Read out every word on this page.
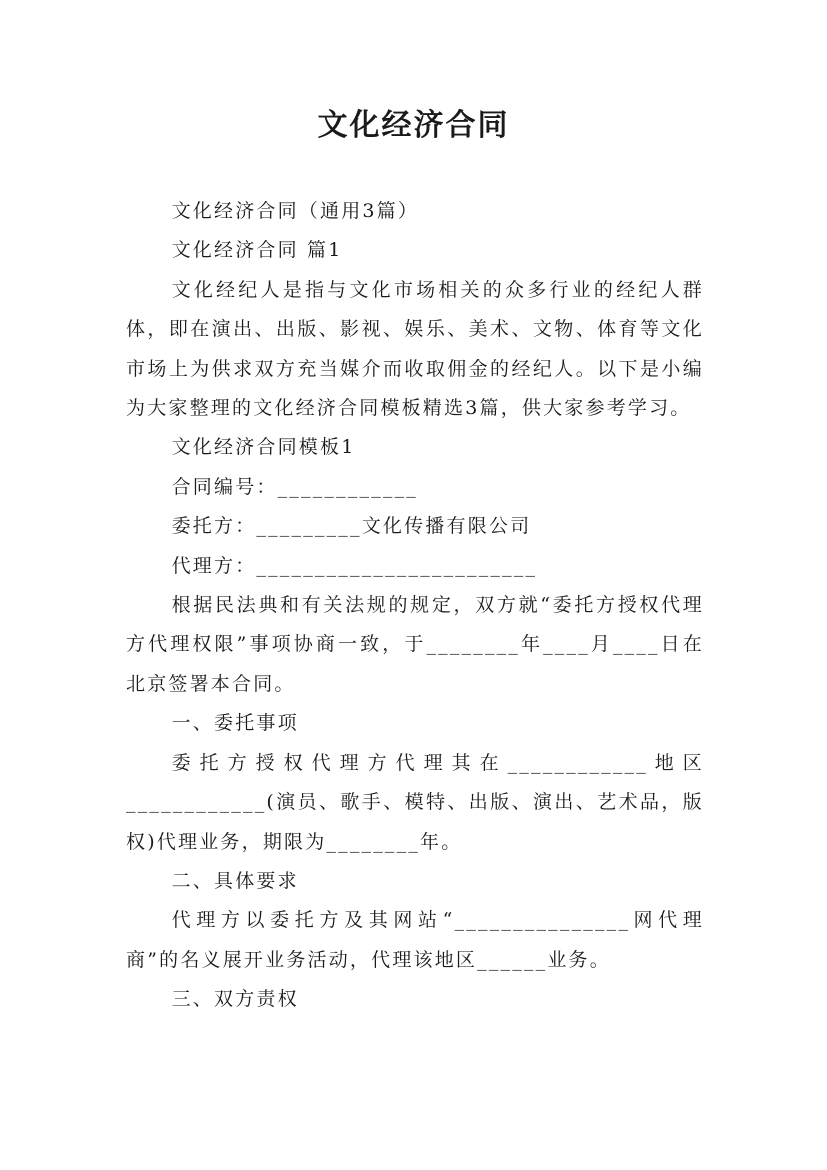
文化经济合同

文化经济合同（通用3篇）

文化经济合同 篇1

文化经纪人是指与文化市场相关的众多行业的经纪人群体，即在演出、出版、影视、娱乐、美术、文物、体育等文化市场上为供求双方充当媒介而收取佣金的经纪人。以下是小编为大家整理的文化经济合同模板精选3篇，供大家参考学习。

文化经济合同模板1

合同编号：____________

委托方：_________文化传播有限公司

代理方：________________________

根据民法典和有关法规的规定，双方就“委托方授权代理方代理权限”事项协商一致，于________年____月____日在北京签署本合同。

一、委托事项

委托方授权代理方代理其在____________地区____________(演员、歌手、模特、出版、演出、艺术品，版权)代理业务，期限为________年。

二、具体要求

代理方以委托方及其网站“_______________网代理商”的名义展开业务活动，代理该地区______业务。

三、双方责权
